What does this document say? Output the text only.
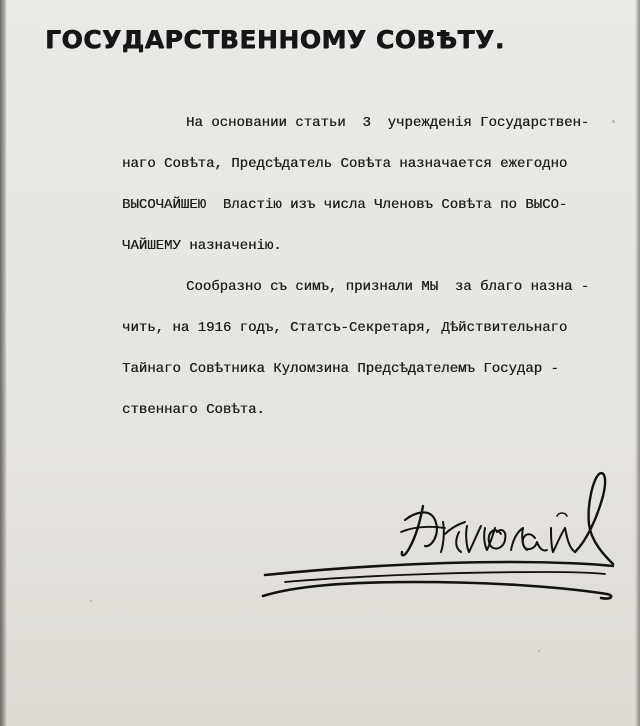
ГОСУДАРСТВЕННОМУ СОВѢТУ.

На основании статьи  3  учрежденія Государствен-

наго Совѣта, Предсѣдатель Совѣта назначается ежегодно

ВЫСОЧАЙШЕЮ  Властію изъ числа Членовъ Совѣта по ВЫСО-

ЧАЙШЕМУ назначенію.

Сообразно съ симъ, признали МЫ  за благо назна -

чить, на 1916 годъ, Статсъ-Секретаря, Дѣйствительнаго

Тайнаго Совѣтника Куломзина Предсѣдателемъ Государ -

ственнаго Совѣта.
